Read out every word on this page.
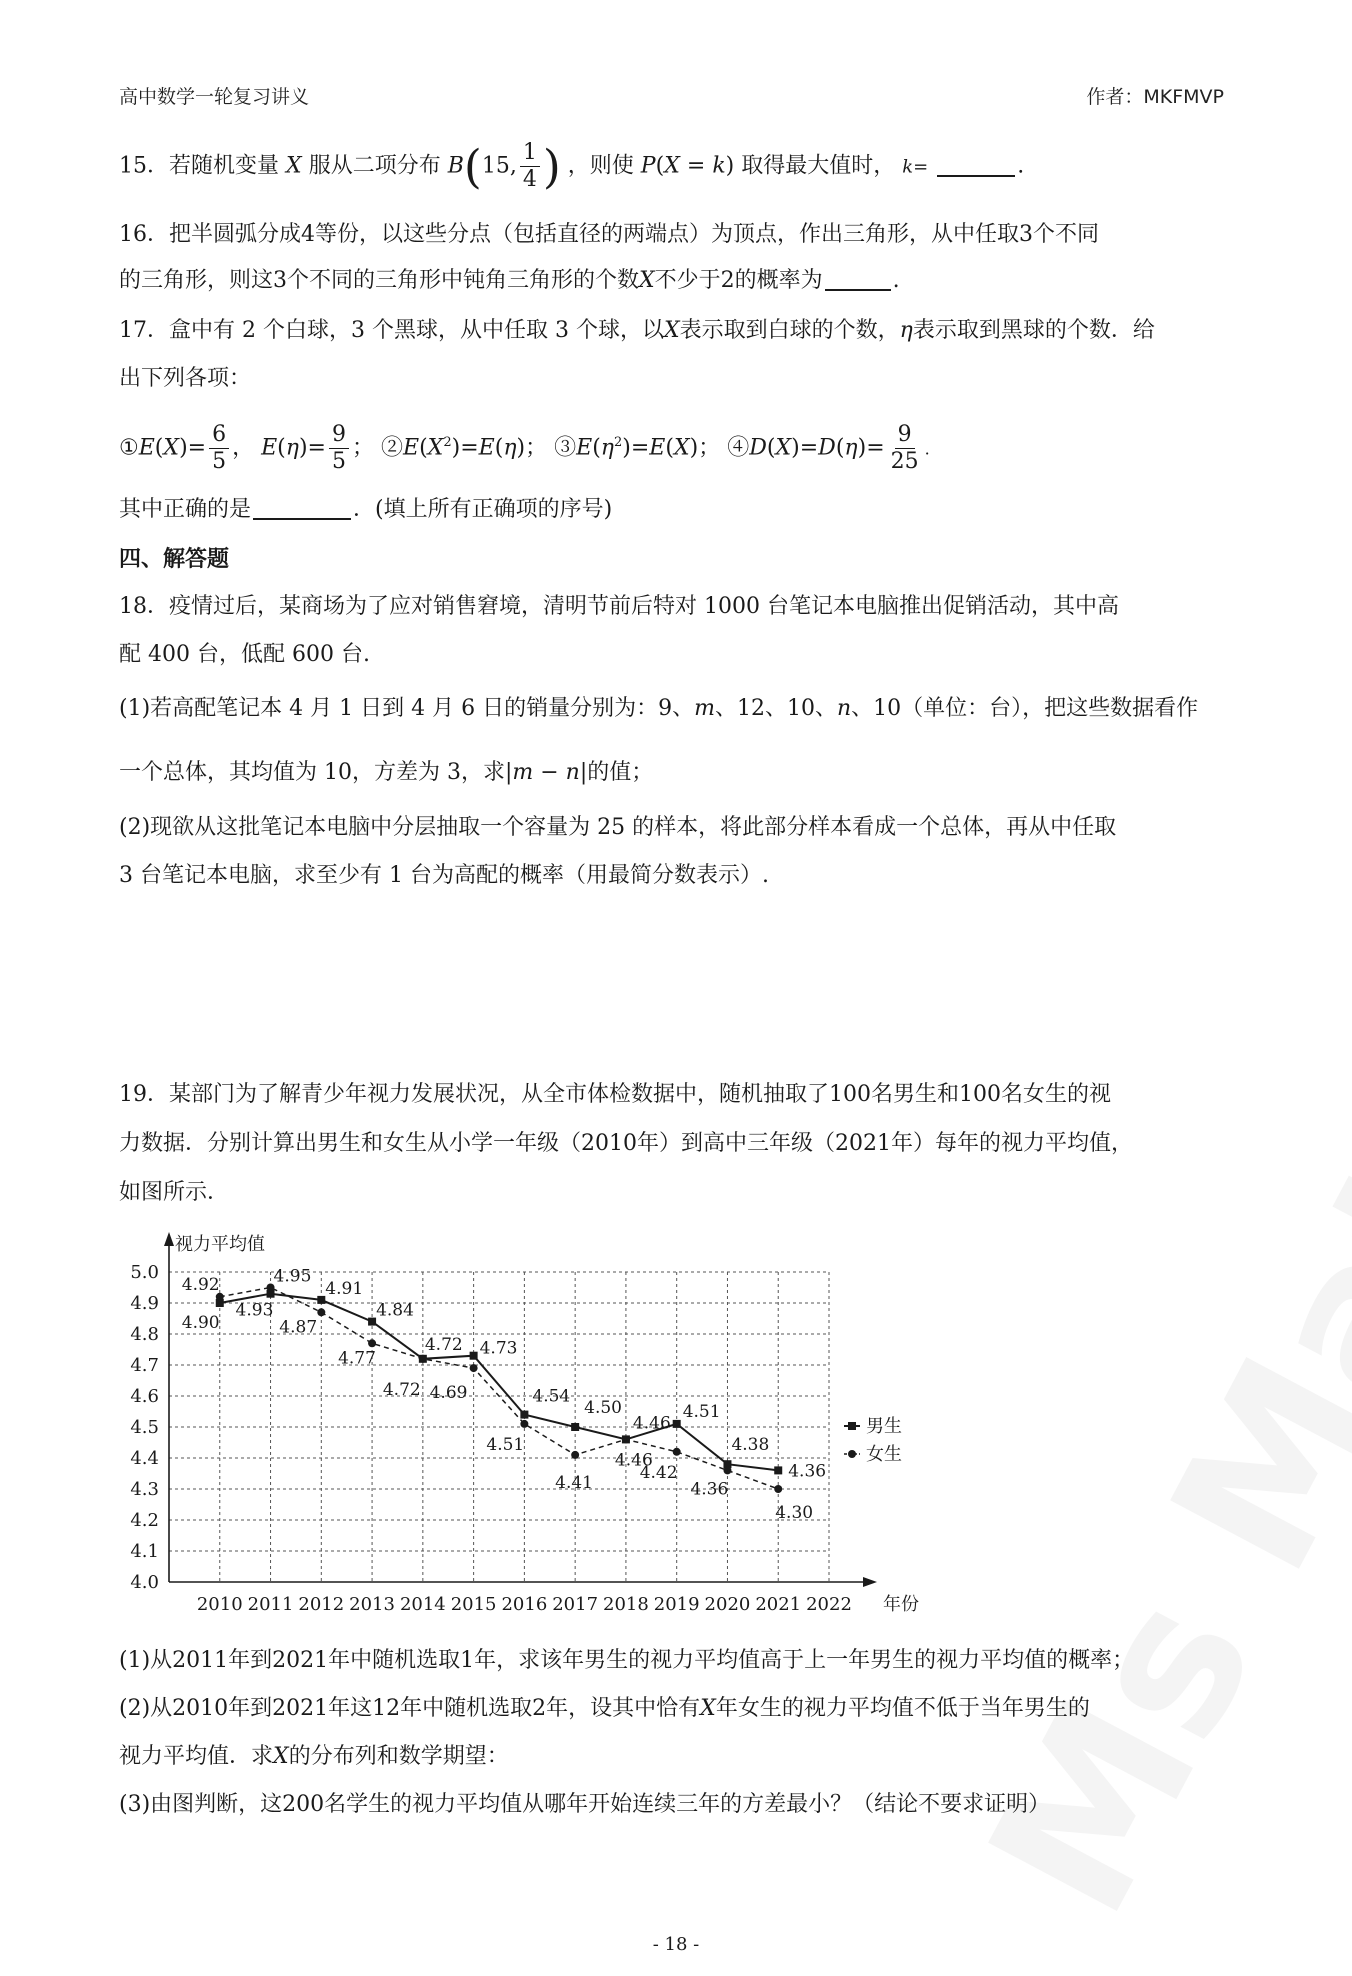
高中数学一轮复习讲义	作者：MKFMVP
15．若随机变量 X 服从二项分布 B(15, $\frac{1}{4}$ ) ，则使 P(X = k) 取得最大值时， k=	.
16．把半圆弧分成4等份，以这些分点（包括直径的两端点）为顶点，作出三角形，从中任取3个不同
的三角形，则这3个不同的三角形中钝角三角形的个数X不少于2的概率为	.
17．盒中有 2 个白球，3 个黑球，从中任取 3 个球，以X表示取到白球的个数，η表示取到黑球的个数．给
出下列各项：
①E(X)= $\frac{6}{5}$ ， $E(\eta)= \frac{9}{5}$ ； $②E(X^2)=E(\eta)$； $③E(\eta^2)=E(X)$； ④D(X)=D(η)= $\frac{9}{25}$ .
其中正确的是	．(填上所有正确项的序号)
四、解答题
18．疫情过后，某商场为了应对销售窘境，清明节前后特对 1000 台笔记本电脑推出促销活动，其中高
配 400 台，低配 600 台.
(1)若高配笔记本 4 月 1 日到 4 月 6 日的销量分别为：9、m、12、10、n、10（单位：台），把这些数据看作
一个总体，其均值为 10，方差为 3，求|m − n|的值；
(2)现欲从这批笔记本电脑中分层抽取一个容量为 25 的样本，将此部分样本看成一个总体，再从中任取
3 台笔记本电脑，求至少有 1 台为高配的概率（用最简分数表示）.
19．某部门为了解青少年视力发展状况，从全市体检数据中，随机抽取了100名男生和100名女生的视
力数据．分别计算出男生和女生从小学一年级（2010年）到高中三年级（2021年）每年的视力平均值，
如图所示．
4.0
4.1
4.2
4.3
4.4
4.5
4.6
4.7
4.8
4.9
5.0
2010 2011 2012 2013 2014 2015 2016 2017 2018 2019 2020 2021 2022
视力平均值
年份
4.90
4.93
4.91
4.84
4.72 4.73
4.54
4.50
4.46
4.51
4.38
4.36
4.92	4.95
4.87
4.77
4.72 4.69
4.51
4.41
4.46
4.42
4.36
4.30
男生
女生
(1)从2011年到2021年中随机选取1年，求该年男生的视力平均值高于上一年男生的视力平均值的概率；
(2)从2010年到2021年这12年中随机选取2年，设其中恰有X年女生的视力平均值不低于当年男生的
视力平均值．求X的分布列和数学期望：
(3)由图判断，这200名学生的视力平均值从哪年开始连续三年的方差最小？（结论不要求证明）
- 18 -
